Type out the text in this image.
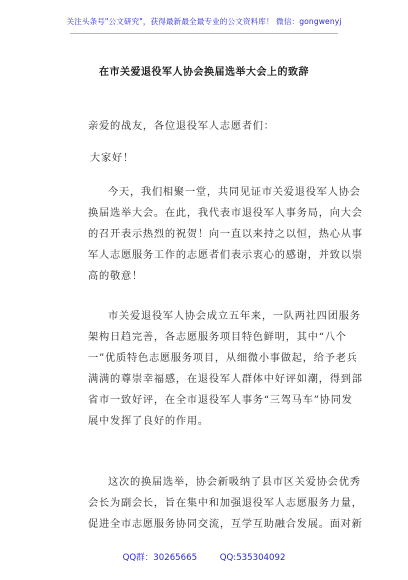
关注头条号"公文研究"，获得最新最全最专业的公文资料库！ 微信：gongwenyj
在市关爱退役军人协会换届选举大会上的致辞

亲爱的战友，各位退役军人志愿者们：

大家好！

今天，我们相聚一堂，共同见证市关爱退役军人协会
换届选举大会。在此，我代表市退役军人事务局，向大会
的召开表示热烈的祝贺！向一直以来持之以恒，热心从事
军人志愿服务工作的志愿者们表示衷心的感谢，并致以崇
高的敬意！

市关爱退役军人协会成立五年来，一队两社四团服务
架构日趋完善，各志愿服务项目特色鲜明，其中“八个
一”优质特色志愿服务项目，从细微小事做起，给予老兵
满满的尊崇幸福感，在退役军人群体中好评如潮，得到部
省市一致好评，在全市退役军人事务“三驾马车”协同发
展中发挥了良好的作用。

这次的换届选举，协会新吸纳了县市区关爱协会优秀
会长为副会长，旨在集中和加强退役军人志愿服务力量，
促进全市志愿服务协同交流，互学互助融合发展。面对新

QQ群：30265665	QQ:535304092
